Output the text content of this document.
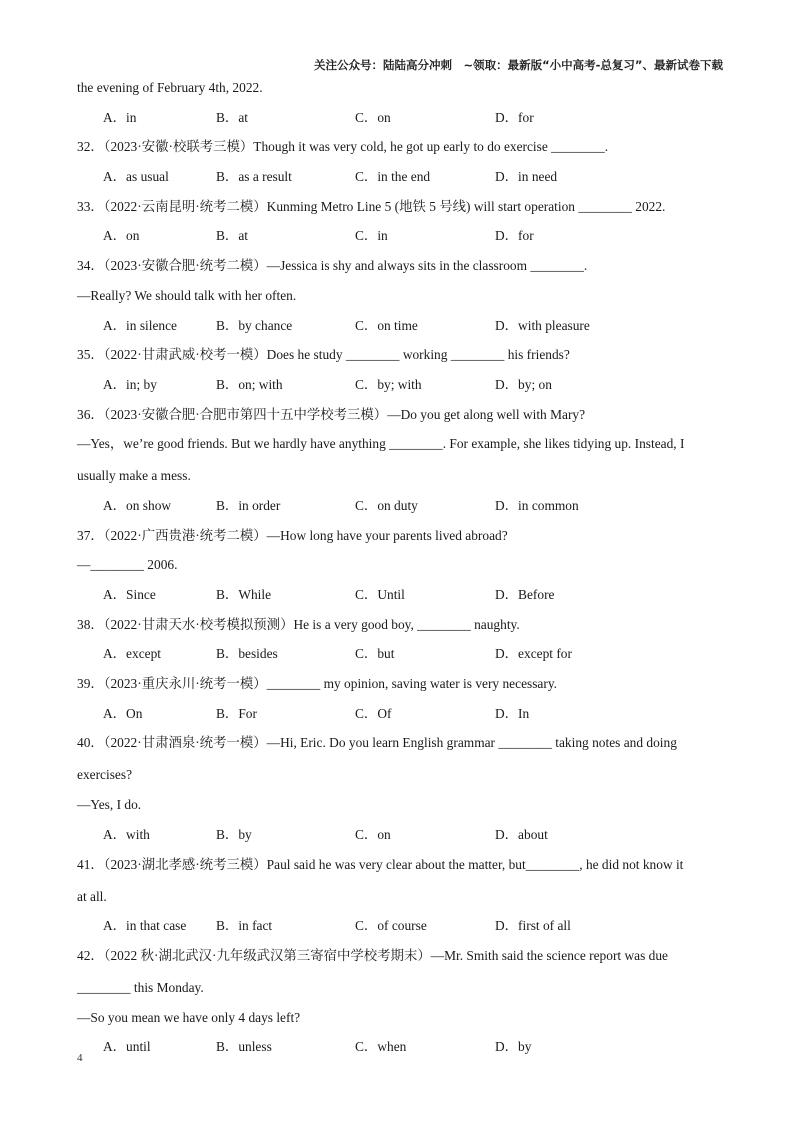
关注公众号：陆陆高分冲刺　~领取：最新版“小中高考-总复习”、最新试卷下载
the evening of February 4th, 2022.
A．in	B．at	C．on	D．for
32．（2023·安徽·校联考三模）Though it was very cold, he got up early to do exercise ________.
A．as usual	B．as a result	C．in the end	D．in need
33．（2022·云南昆明·统考二模）Kunming Metro Line 5 (地铁 5 号线) will start operation ________ 2022.
A．on	B．at	C．in	D．for
34．（2023·安徽合肥·统考二模）—Jessica is shy and always sits in the classroom ________.
—Really? We should talk with her often.
A．in silence	B．by chance	C．on time	D．with pleasure
35．（2022·甘肃武威·校考一模）Does he study ________ working ________ his friends?
A．in; by	B．on; with	C．by; with	D．by; on
36．（2023·安徽合肥·合肥市第四十五中学校考三模）—Do you get along well with Mary?
—Yes，we’re good friends. But we hardly have anything ________. For example, she likes tidying up. Instead, I
usually make a mess.
A．on show	B．in order	C．on duty	D．in common
37．（2022·广西贵港·统考二模）—How long have your parents lived abroad?
—________ 2006.
A．Since	B．While	C．Until	D．Before
38．（2022·甘肃天水·校考模拟预测）He is a very good boy, ________ naughty.
A．except	B．besides	C．but	D．except for
39．（2023·重庆永川·统考一模）________ my opinion, saving water is very necessary.
A．On	B．For	C．Of	D．In
40．（2022·甘肃酒泉·统考一模）—Hi, Eric. Do you learn English grammar ________ taking notes and doing
exercises?
—Yes, I do.
A．with	B．by	C．on	D．about
41．（2023·湖北孝感·统考三模）Paul said he was very clear about the matter, but________, he did not know it
at all.
A．in that case	B．in fact	C．of course	D．first of all
42．（2022 秋·湖北武汉·九年级武汉第三寄宿中学校考期末）—Mr. Smith said the science report was due
________ this Monday.
—So you mean we have only 4 days left?
A．until	B．unless	C．when	D．by
4
